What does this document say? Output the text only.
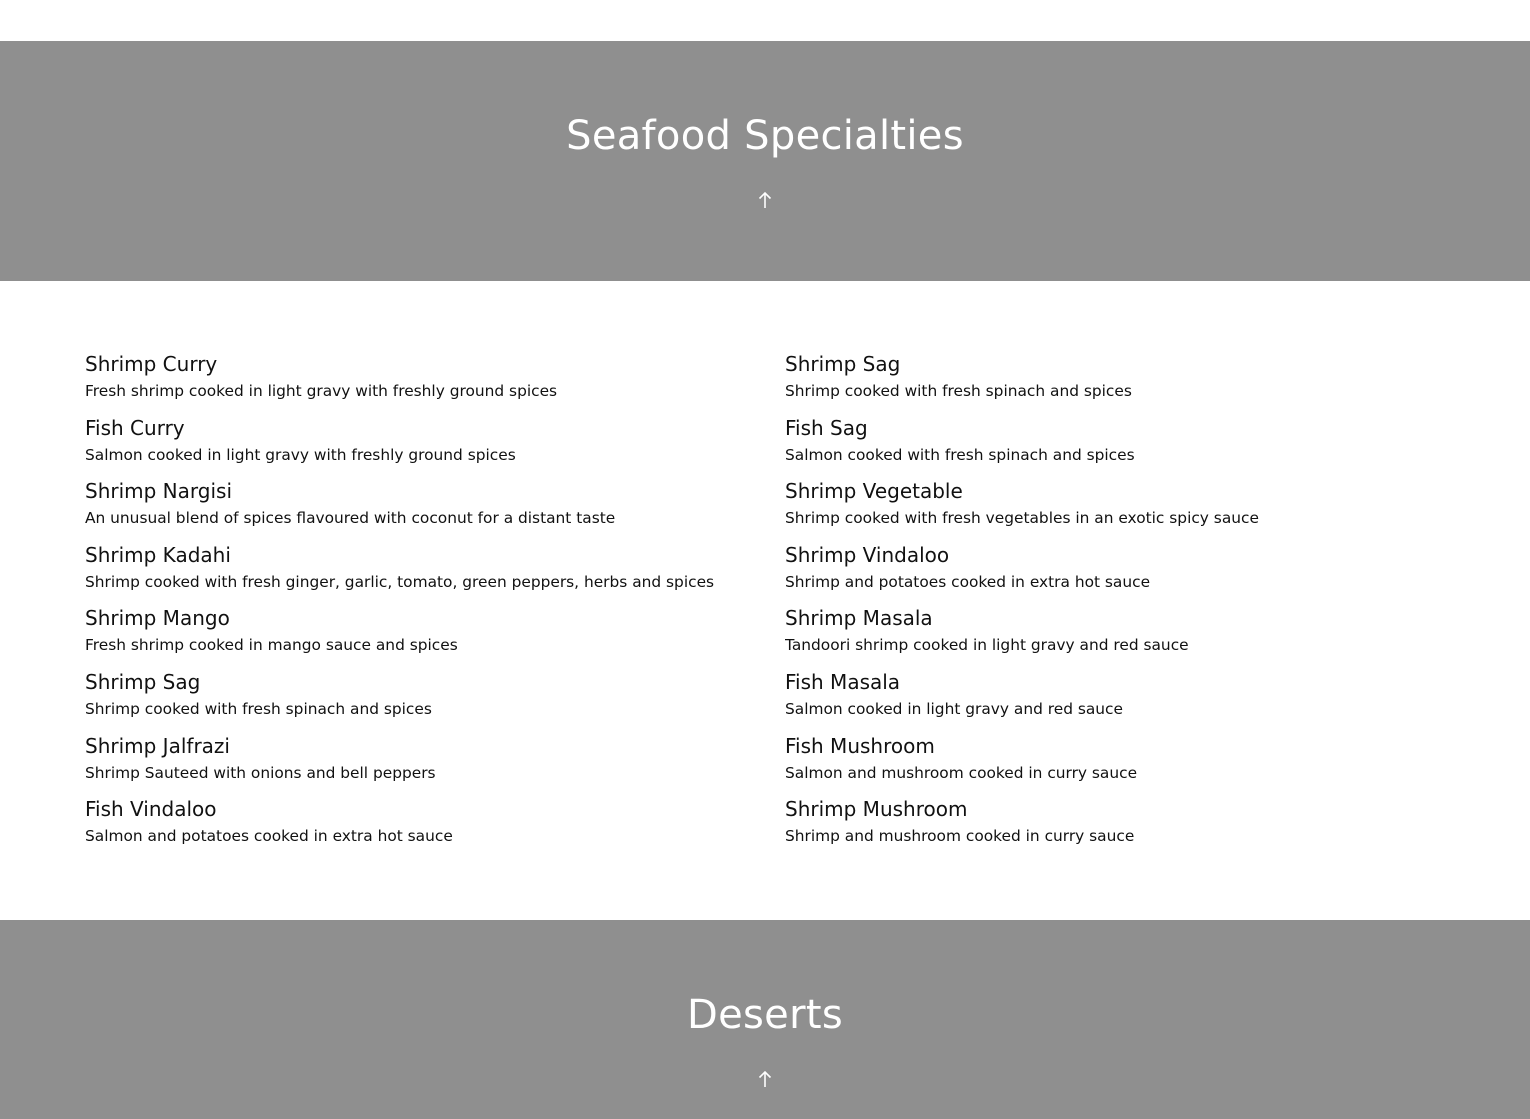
Seafood Specialties

Shrimp Curry

Fresh shrimp cooked in light gravy with freshly ground spices

Fish Curry

Salmon cooked in light gravy with freshly ground spices

Shrimp Nargisi

An unusual blend of spices flavoured with coconut for a distant taste

Shrimp Kadahi

Shrimp cooked with fresh ginger, garlic, tomato, green peppers, herbs and spices

Shrimp Mango

Fresh shrimp cooked in mango sauce and spices

Shrimp Sag

Shrimp cooked with fresh spinach and spices

Shrimp Jalfrazi

Shrimp Sauteed with onions and bell peppers

Fish Vindaloo

Salmon and potatoes cooked in extra hot sauce

Shrimp Sag

Shrimp cooked with fresh spinach and spices

Fish Sag

Salmon cooked with fresh spinach and spices

Shrimp Vegetable

Shrimp cooked with fresh vegetables in an exotic spicy sauce

Shrimp Vindaloo

Shrimp and potatoes cooked in extra hot sauce

Shrimp Masala

Tandoori shrimp cooked in light gravy and red sauce

Fish Masala

Salmon cooked in light gravy and red sauce

Fish Mushroom

Salmon and mushroom cooked in curry sauce

Shrimp Mushroom

Shrimp and mushroom cooked in curry sauce

Deserts
